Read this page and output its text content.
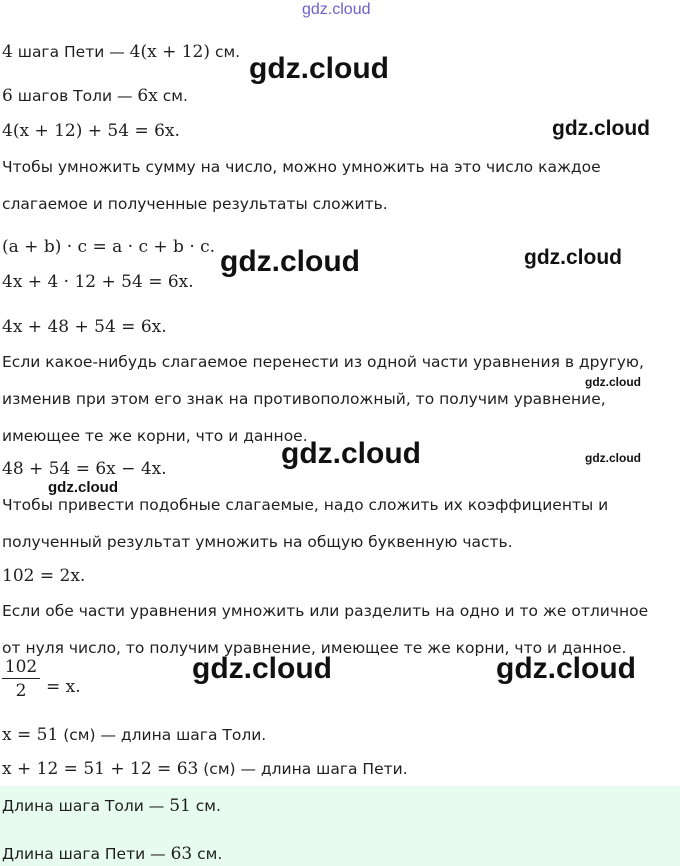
gdz.cloud
4 шага Пети — 4(x + 12) см.
6 шагов Толи — 6x см.
4(x + 12) + 54 = 6x.
Чтобы умножить сумму на число, можно умножить на это число каждое
слагаемое и полученные результаты сложить.
(a + b) · c = a · c + b · c.
4x + 4 · 12 + 54 = 6x.
4x + 48 + 54 = 6x.
Если какое-нибудь слагаемое перенести из одной части уравнения в другую,
изменив при этом его знак на противоположный, то получим уравнение,
имеющее те же корни, что и данное.
48 + 54 = 6x − 4x.
Чтобы привести подобные слагаемые, надо сложить их коэффициенты и
полученный результат умножить на общую буквенную часть.
102 = 2x.
Если обе части уравнения умножить или разделить на одно и то же отличное
от нуля число, то получим уравнение, имеющее те же корни, что и данное.
102
2	= x.
x = 51 (см) — длина шага Толи.
x + 12 = 51 + 12 = 63 (см) — длина шага Пети.
Длина шага Толи — 51 см.
Длина шага Пети — 63 см.
gdz.cloud
gdz.cloud
gdz.cloud	gdz.cloud
gdz.cloud
gdz.cloud	gdz.cloud
gdz.cloud
gdz.cloud	gdz.cloud
